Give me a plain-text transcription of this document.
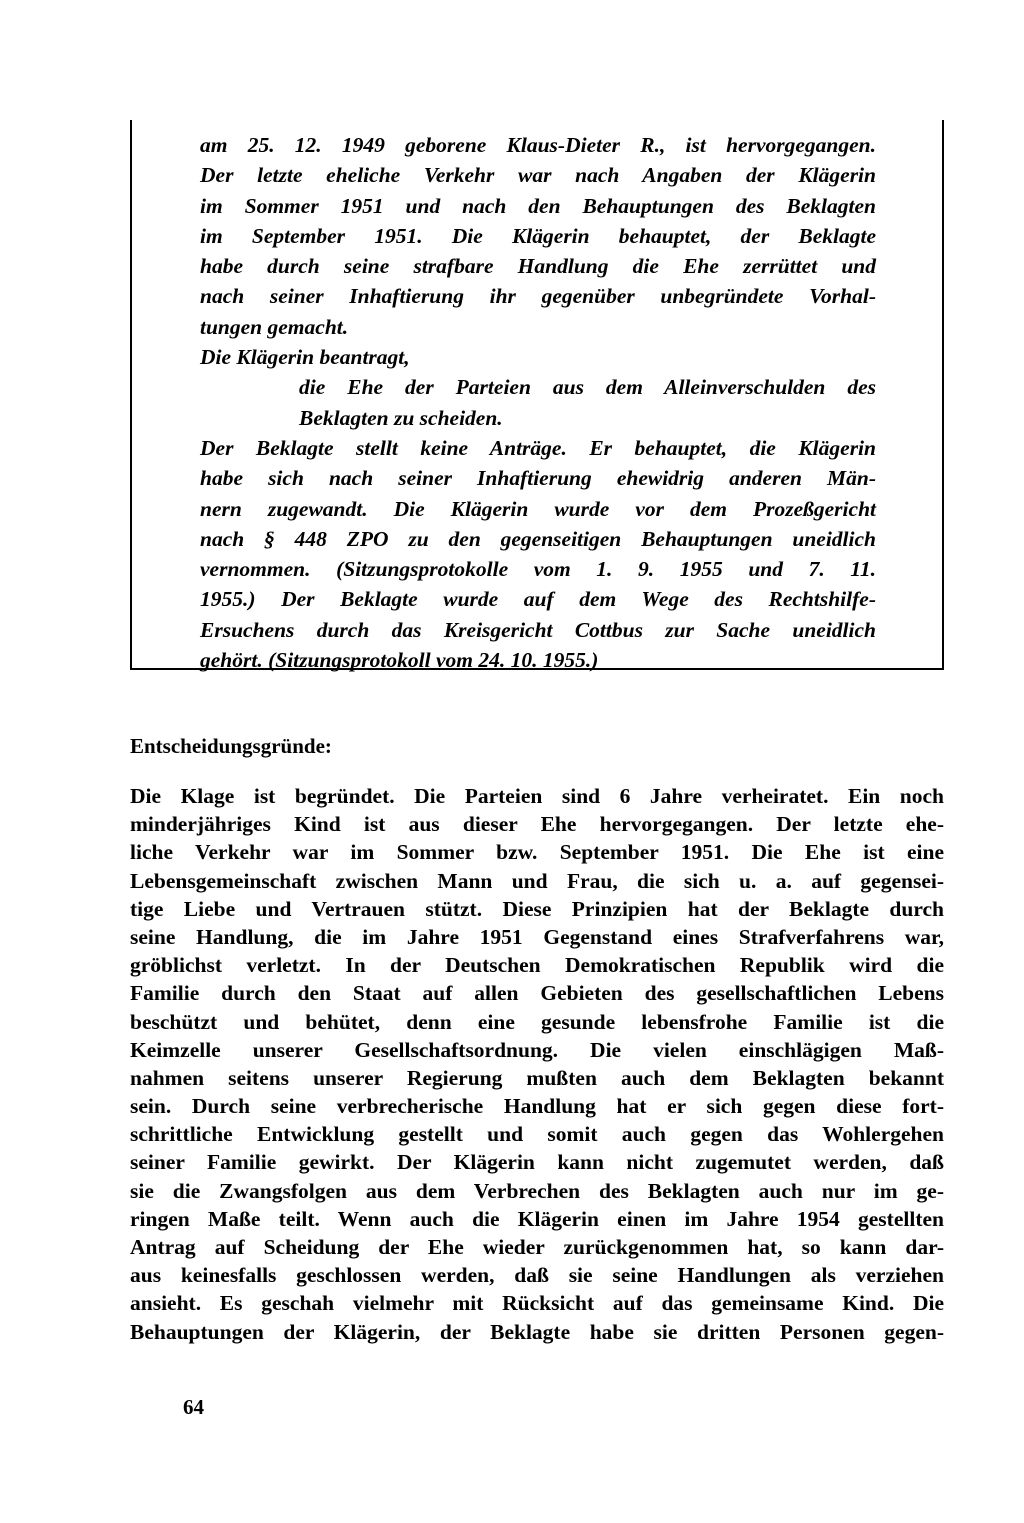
am 25. 12. 1949 geborene Klaus-Dieter R., ist hervorgegangen.
Der letzte eheliche Verkehr war nach Angaben der Klägerin
im Sommer 1951 und nach den Behauptungen des Beklagten
im September 1951. Die Klägerin behauptet, der Beklagte
habe durch seine strafbare Handlung die Ehe zerrüttet und
nach seiner Inhaftierung ihr gegenüber unbegründete Vorhal-
tungen gemacht.
Die Klägerin beantragt,
die Ehe der Parteien aus dem Alleinverschulden des
Beklagten zu scheiden.
Der Beklagte stellt keine Anträge. Er behauptet, die Klägerin
habe sich nach seiner Inhaftierung ehewidrig anderen Män-
nern zugewandt. Die Klägerin wurde vor dem Prozeßgericht
nach § 448 ZPO zu den gegenseitigen Behauptungen uneidlich
vernommen. (Sitzungsprotokolle vom 1. 9. 1955 und 7. 11.
1955.) Der Beklagte wurde auf dem Wege des Rechtshilfe-
Ersuchens durch das Kreisgericht Cottbus zur Sache uneidlich
gehört. (Sitzungsprotokoll vom 24. 10. 1955.)
Entscheidungsgründe:
Die Klage ist begründet. Die Parteien sind 6 Jahre verheiratet. Ein noch
minderjähriges Kind ist aus dieser Ehe hervorgegangen. Der letzte ehe-
liche Verkehr war im Sommer bzw. September 1951. Die Ehe ist eine
Lebensgemeinschaft zwischen Mann und Frau, die sich u. a. auf gegensei-
tige Liebe und Vertrauen stützt. Diese Prinzipien hat der Beklagte durch
seine Handlung, die im Jahre 1951 Gegenstand eines Strafverfahrens war,
gröblichst verletzt. In der Deutschen Demokratischen Republik wird die
Familie durch den Staat auf allen Gebieten des gesellschaftlichen Lebens
beschützt und behütet, denn eine gesunde lebensfrohe Familie ist die
Keimzelle unserer Gesellschaftsordnung. Die vielen einschlägigen Maß-
nahmen seitens unserer Regierung mußten auch dem Beklagten bekannt
sein. Durch seine verbrecherische Handlung hat er sich gegen diese fort-
schrittliche Entwicklung gestellt und somit auch gegen das Wohlergehen
seiner Familie gewirkt. Der Klägerin kann nicht zugemutet werden, daß
sie die Zwangsfolgen aus dem Verbrechen des Beklagten auch nur im ge-
ringen Maße teilt. Wenn auch die Klägerin einen im Jahre 1954 gestellten
Antrag auf Scheidung der Ehe wieder zurückgenommen hat, so kann dar-
aus keinesfalls geschlossen werden, daß sie seine Handlungen als verziehen
ansieht. Es geschah vielmehr mit Rücksicht auf das gemeinsame Kind. Die
Behauptungen der Klägerin, der Beklagte habe sie dritten Personen gegen-
64
